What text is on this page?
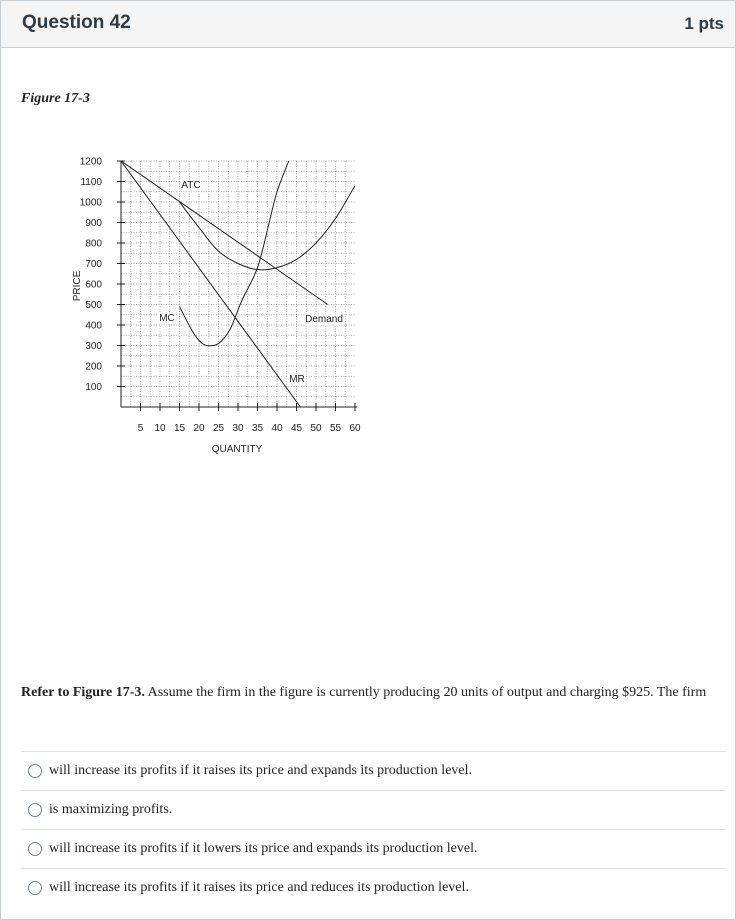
Question 42	1 pts
Figure 17-3
100
200
300
400
500
600
700
800
900
1000
1100
1200
5 10 15 20 25 30 35 40 45 50 55 60
QUANTITY
PRICE
ATC
MC	Demand
MR
Refer to Figure 17-3. Assume the firm in the figure is currently producing 20 units of output and charging $925. The firm
will increase its profits if it raises its price and expands its production level.
is maximizing profits.
will increase its profits if it lowers its price and expands its production level.
will increase its profits if it raises its price and reduces its production level.
